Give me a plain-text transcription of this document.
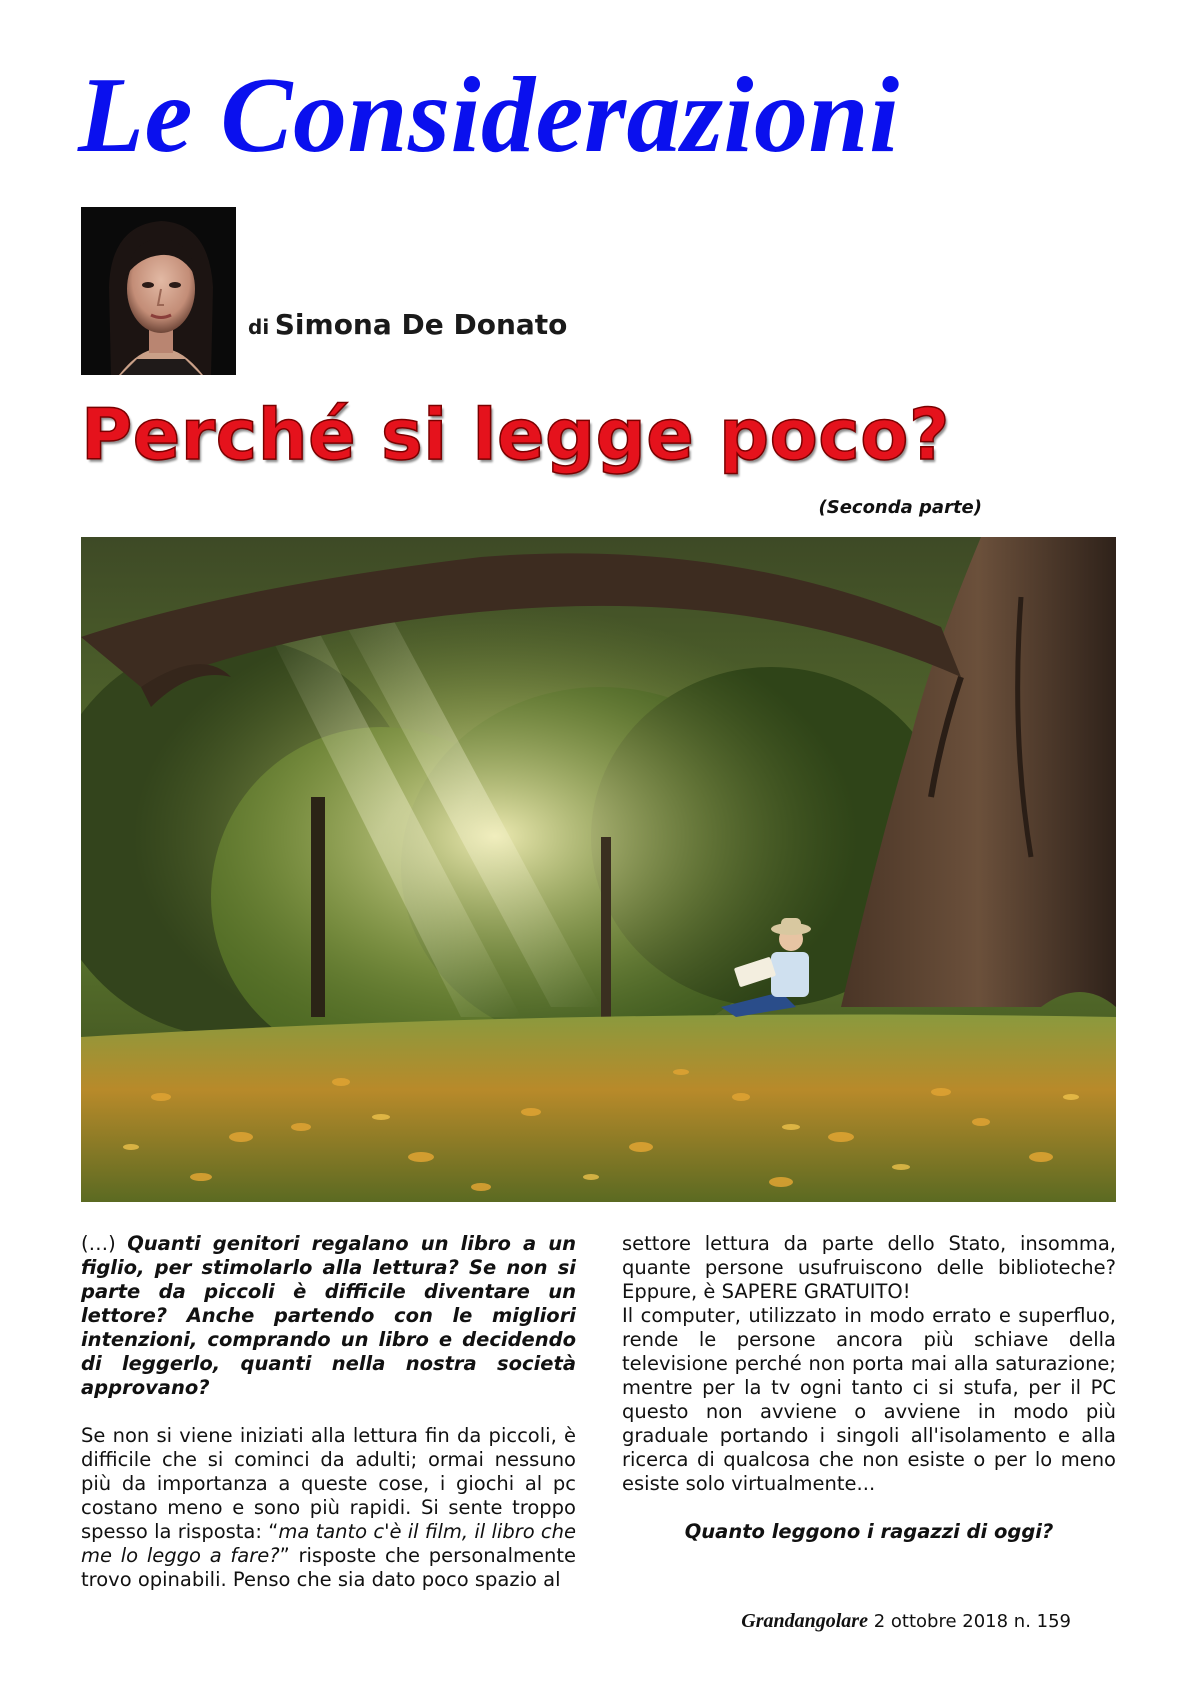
Le Considerazioni
di Simona De Donato
Perché si legge poco?
(Seconda parte)

(…) Quanti genitori regalano un libro a un figlio, per stimolarlo alla lettura? Se non si parte da piccoli è difficile diventare un lettore? Anche partendo con le migliori intenzioni, comprando un libro e decidendo di leggerlo, quanti nella nostra società approvano?

Se non si viene iniziati alla lettura fin da piccoli, è difficile che si cominci da adulti; ormai nessuno più da importanza a queste cose, i giochi al pc costano meno e sono più rapidi. Si sente troppo spesso la risposta: “ma tanto c'è il film, il libro che me lo leggo a fare?” risposte che personalmente trovo opinabili. Penso che sia dato poco spazio al

settore lettura da parte dello Stato, insomma, quante persone usufruiscono delle biblioteche? Eppure, è SAPERE GRATUITO!

Il computer, utilizzato in modo errato e superfluo, rende le persone ancora più schiave della televisione perché non porta mai alla saturazione; mentre per la tv ogni tanto ci si stufa, per il PC questo non avviene o avviene in modo più graduale portando i singoli all'isolamento e alla ricerca di qualcosa che non esiste o per lo meno esiste solo virtualmente...

Quanto leggono i ragazzi di oggi?
Grandangolare 2 ottobre 2018 n. 159
